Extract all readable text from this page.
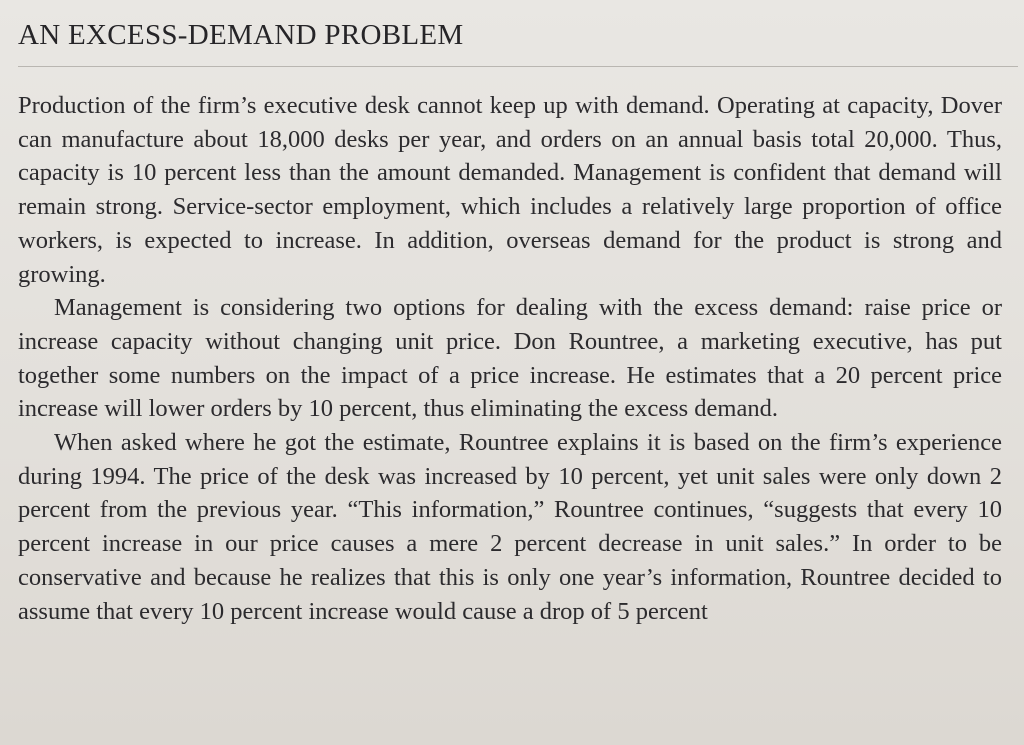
AN EXCESS-DEMAND PROBLEM

Production of the firm’s executive desk cannot keep up with demand. Operating at capacity, Dover can manufacture about 18,000 desks per year, and orders on an annual basis total 20,000. Thus, capacity is 10 percent less than the amount demanded. Management is confident that demand will remain strong. Service-sector employment, which includes a relatively large proportion of office workers, is expected to increase. In addition, overseas demand for the product is strong and growing.

Management is considering two options for dealing with the excess demand: raise price or increase capacity without changing unit price. Don Rountree, a marketing executive, has put together some numbers on the impact of a price increase. He estimates that a 20 percent price increase will lower orders by 10 percent, thus eliminating the excess demand.

When asked where he got the estimate, Rountree explains it is based on the firm’s experience during 1994. The price of the desk was increased by 10 percent, yet unit sales were only down 2 percent from the previous year. “This information,” Rountree continues, “suggests that every 10 percent increase in our price causes a mere 2 percent decrease in unit sales.” In order to be conservative and because he realizes that this is only one year’s information, Rountree decided to assume that every 10 percent increase would cause a drop of 5 percent
